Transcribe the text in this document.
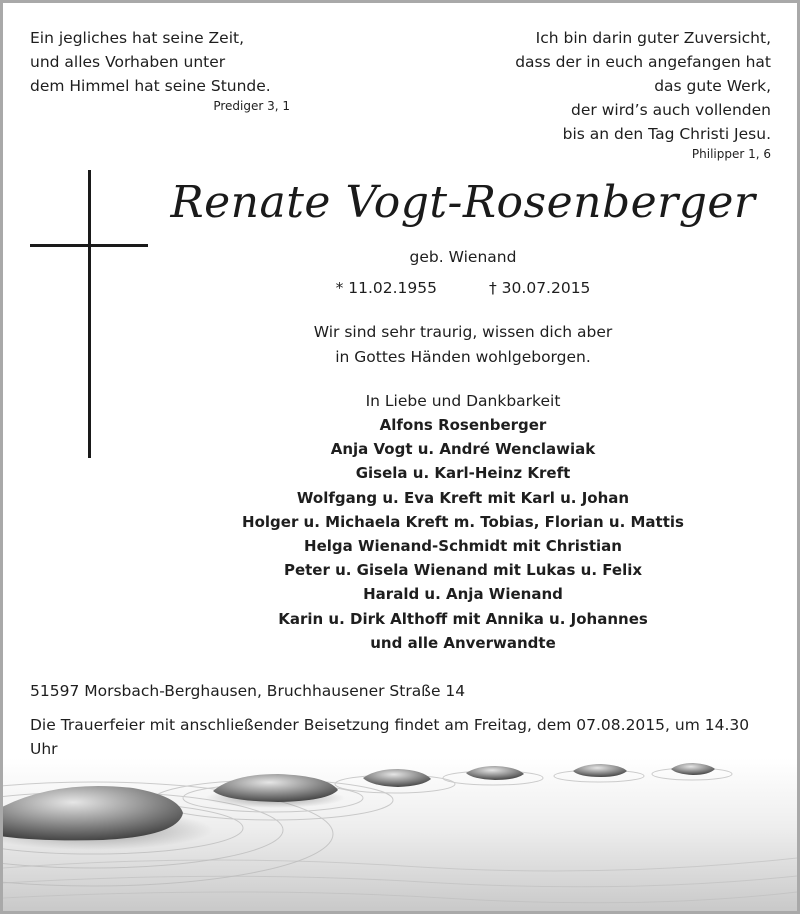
Ein jegliches hat seine Zeit,
und alles Vorhaben unter
dem Himmel hat seine Stunde.
Prediger 3, 1
Ich bin darin guter Zuversicht,
dass der in euch angefangen hat
das gute Werk,
der wird’s auch vollenden
bis an den Tag Christi Jesu.
Philipper 1, 6
Renate Vogt-Rosenberger
geb. Wienand
* 11.02.1955	† 30.07.2015
Wir sind sehr traurig, wissen dich aber
in Gottes Händen wohlgeborgen.
In Liebe und Dankbarkeit
Alfons Rosenberger
Anja Vogt u. André Wenclawiak
Gisela u. Karl-Heinz Kreft
Wolfgang u. Eva Kreft mit Karl u. Johan
Holger u. Michaela Kreft m. Tobias, Florian u. Mattis
Helga Wienand-Schmidt mit Christian
Peter u. Gisela Wienand mit Lukas u. Felix
Harald u. Anja Wienand
Karin u. Dirk Althoff mit Annika u. Johannes
und alle Anverwandte
51597 Morsbach-Berghausen, Bruchhausener Straße 14
Die Trauerfeier mit anschließender Beisetzung findet am Freitag, dem 07.08.2015, um 14.30 Uhr
